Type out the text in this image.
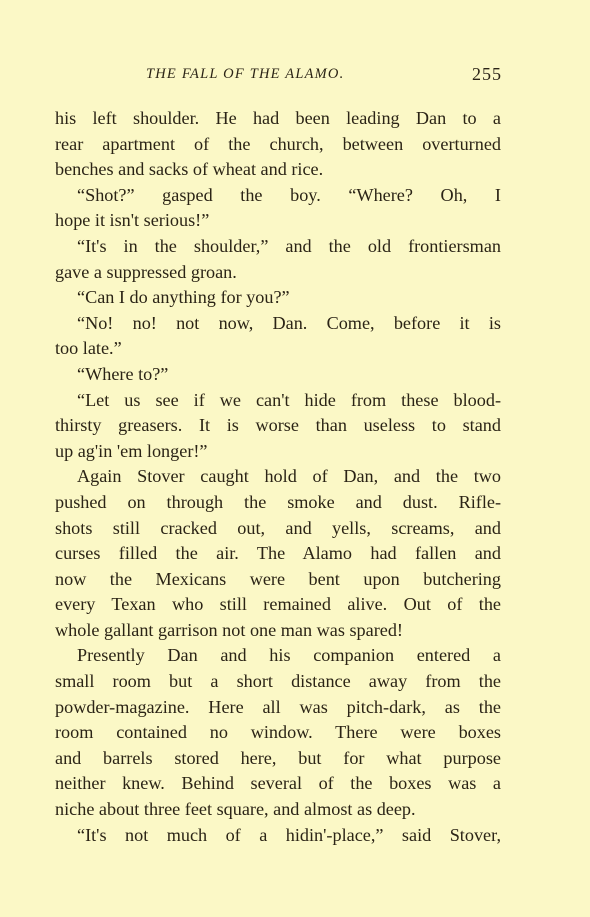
THE FALL OF THE ALAMO.	255
his left shoulder. He had been leading Dan to a
rear apartment of the church, between overturned
benches and sacks of wheat and rice.
“Shot?” gasped the boy. “Where? Oh, I
hope it isn't serious!”
“It's in the shoulder,” and the old frontiersman
gave a suppressed groan.
“Can I do anything for you?”
“No! no! not now, Dan. Come, before it is
too late.”
“Where to?”
“Let us see if we can't hide from these blood-
thirsty greasers. It is worse than useless to stand
up ag'in 'em longer!”
Again Stover caught hold of Dan, and the two
pushed on through the smoke and dust. Rifle-
shots still cracked out, and yells, screams, and
curses filled the air. The Alamo had fallen and
now the Mexicans were bent upon butchering
every Texan who still remained alive. Out of the
whole gallant garrison not one man was spared!
Presently Dan and his companion entered a
small room but a short distance away from the
powder-magazine. Here all was pitch-dark, as the
room contained no window. There were boxes
and barrels stored here, but for what purpose
neither knew. Behind several of the boxes was a
niche about three feet square, and almost as deep.
“It's not much of a hidin'-place,” said Stover,
